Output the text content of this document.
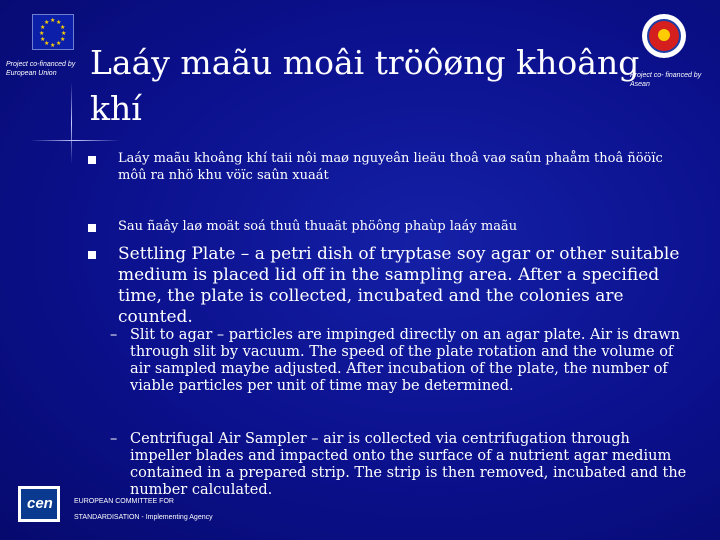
★ ★
★
★
★
★
★
★
★
★
★
★
Project co-financed by European Union	Laáy maãu moâi tröôøng khoâng khí
Project co- financed by Asean
Laáy maãu khoâng khí taii nôi maø nguyeân lieäu thoâ vaø saûn phaåm thoâ ñööïc môû ra nhö khu vöïc saûn xuaát
Sau ñaây laø moät soá thuû thuaät phöông phaùp laáy maãu
Settling Plate – a petri dish of tryptase soy agar or other suitable medium is placed lid off in the sampling area. After a specified time, the plate is collected, incubated and the colonies are counted.
– Slit to agar – particles are impinged directly on an agar plate. Air is drawn through slit by vacuum. The speed of the plate rotation and the volume of air sampled maybe adjusted. After incubation of the plate, the number of viable particles per unit of time may be determined.
– Centrifugal Air Sampler – air is collected via centrifugation through impeller blades and impacted onto the surface of a nutrient agar medium contained in a prepared strip. The strip is then removed, incubated and the number calculated.
cen	EUROPEAN COMMITTEE FOR
STANDARDISATION - Implementing Agency
